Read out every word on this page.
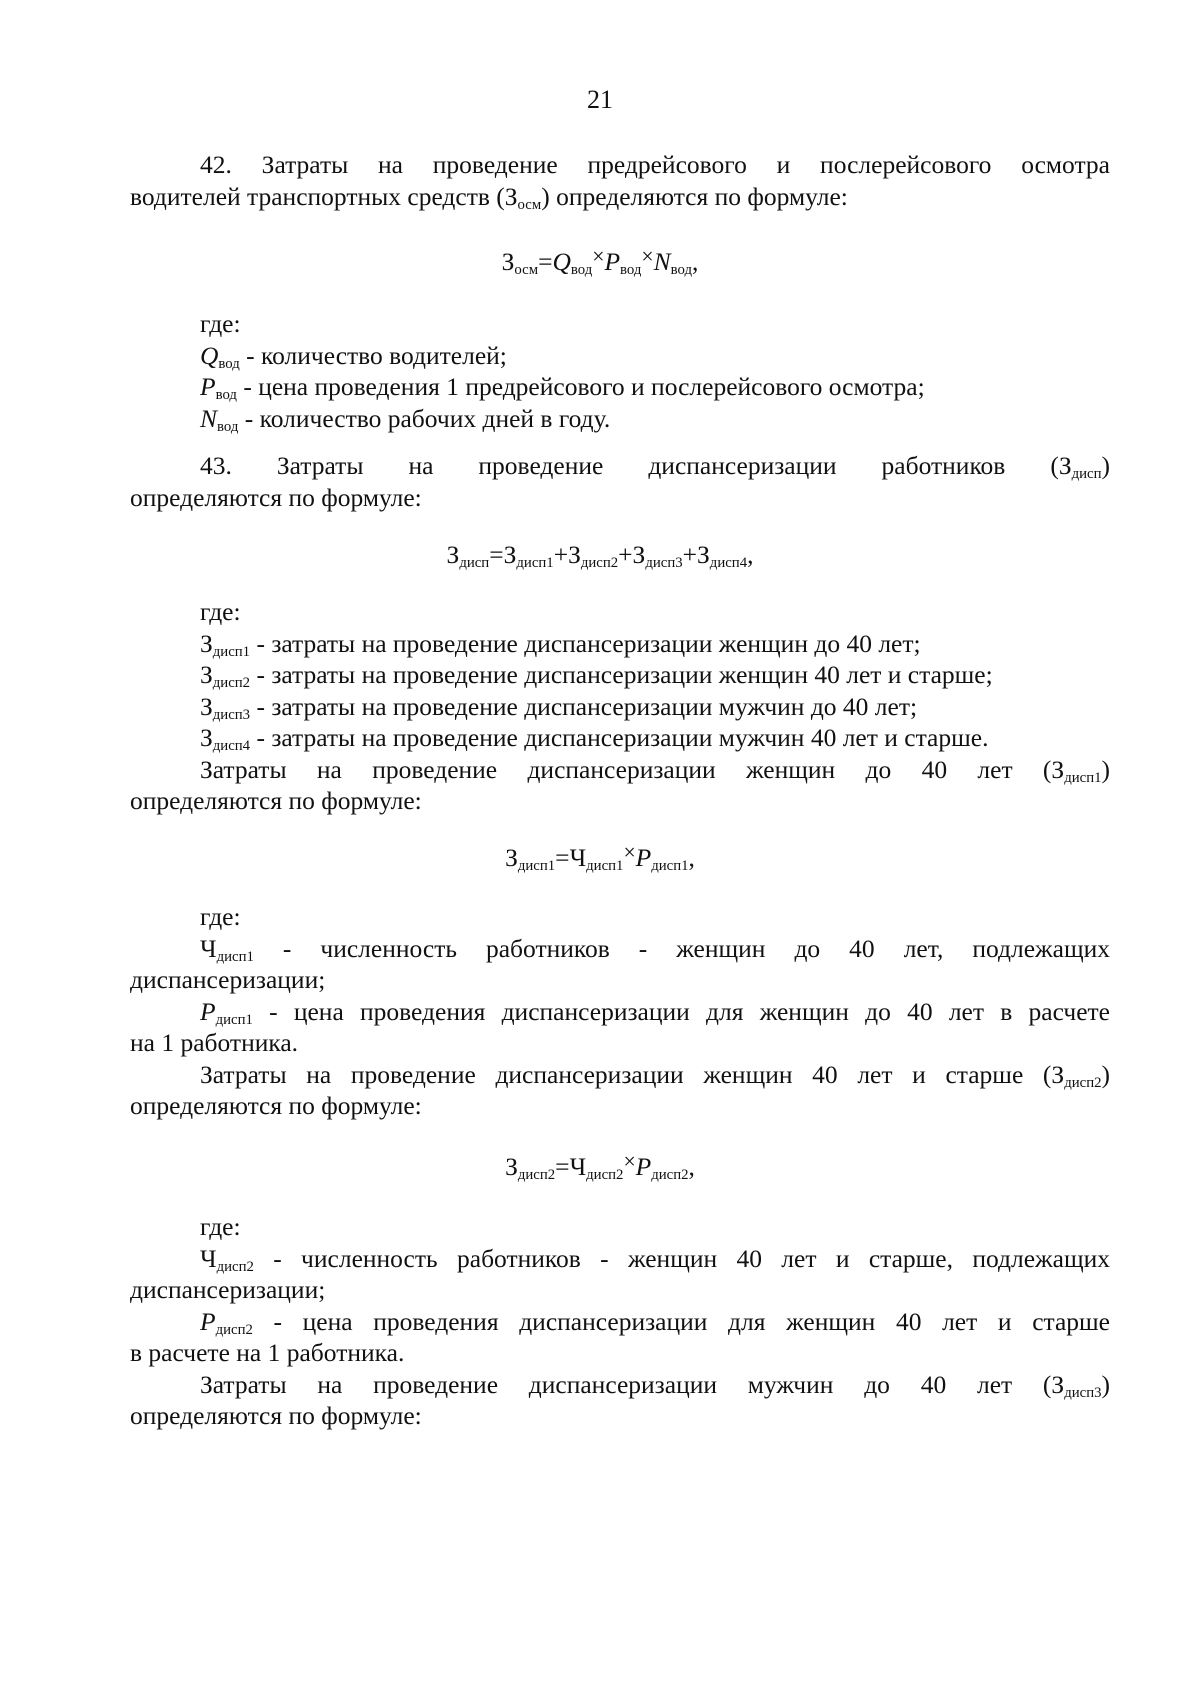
21
42. Затраты на проведение предрейсового и послерейсового осмотра
водителей транспортных средств (Зосм) определяются по формуле:
Зосм=Qвод×Pвод×Nвод,
где:
Qвод - количество водителей;
Pвод - цена проведения 1 предрейсового и послерейсового осмотра;
Nвод - количество рабочих дней в году.
43. Затраты на проведение диспансеризации работников (Здисп)
определяются по формуле:
Здисп=Здисп1+Здисп2+Здисп3+Здисп4,
где:
Здисп1 - затраты на проведение диспансеризации женщин до 40 лет;
Здисп2 - затраты на проведение диспансеризации женщин 40 лет и старше;
Здисп3 - затраты на проведение диспансеризации мужчин до 40 лет;
Здисп4 - затраты на проведение диспансеризации мужчин 40 лет и старше.
Затраты на проведение диспансеризации женщин до 40 лет (Здисп1)
определяются по формуле:
Здисп1=Чдисп1×Pдисп1,
где:
Чдисп1 - численность работников - женщин до 40 лет, подлежащих
диспансеризации;
Pдисп1 - цена проведения диспансеризации для женщин до 40 лет в расчете
на 1 работника.
Затраты на проведение диспансеризации женщин 40 лет и старше (Здисп2)
определяются по формуле:
Здисп2=Чдисп2×Pдисп2,
где:
Чдисп2 - численность работников - женщин 40 лет и старше, подлежащих
диспансеризации;
Pдисп2 - цена проведения диспансеризации для женщин 40 лет и старше
в расчете на 1 работника.
Затраты на проведение диспансеризации мужчин до 40 лет (Здисп3)
определяются по формуле:
